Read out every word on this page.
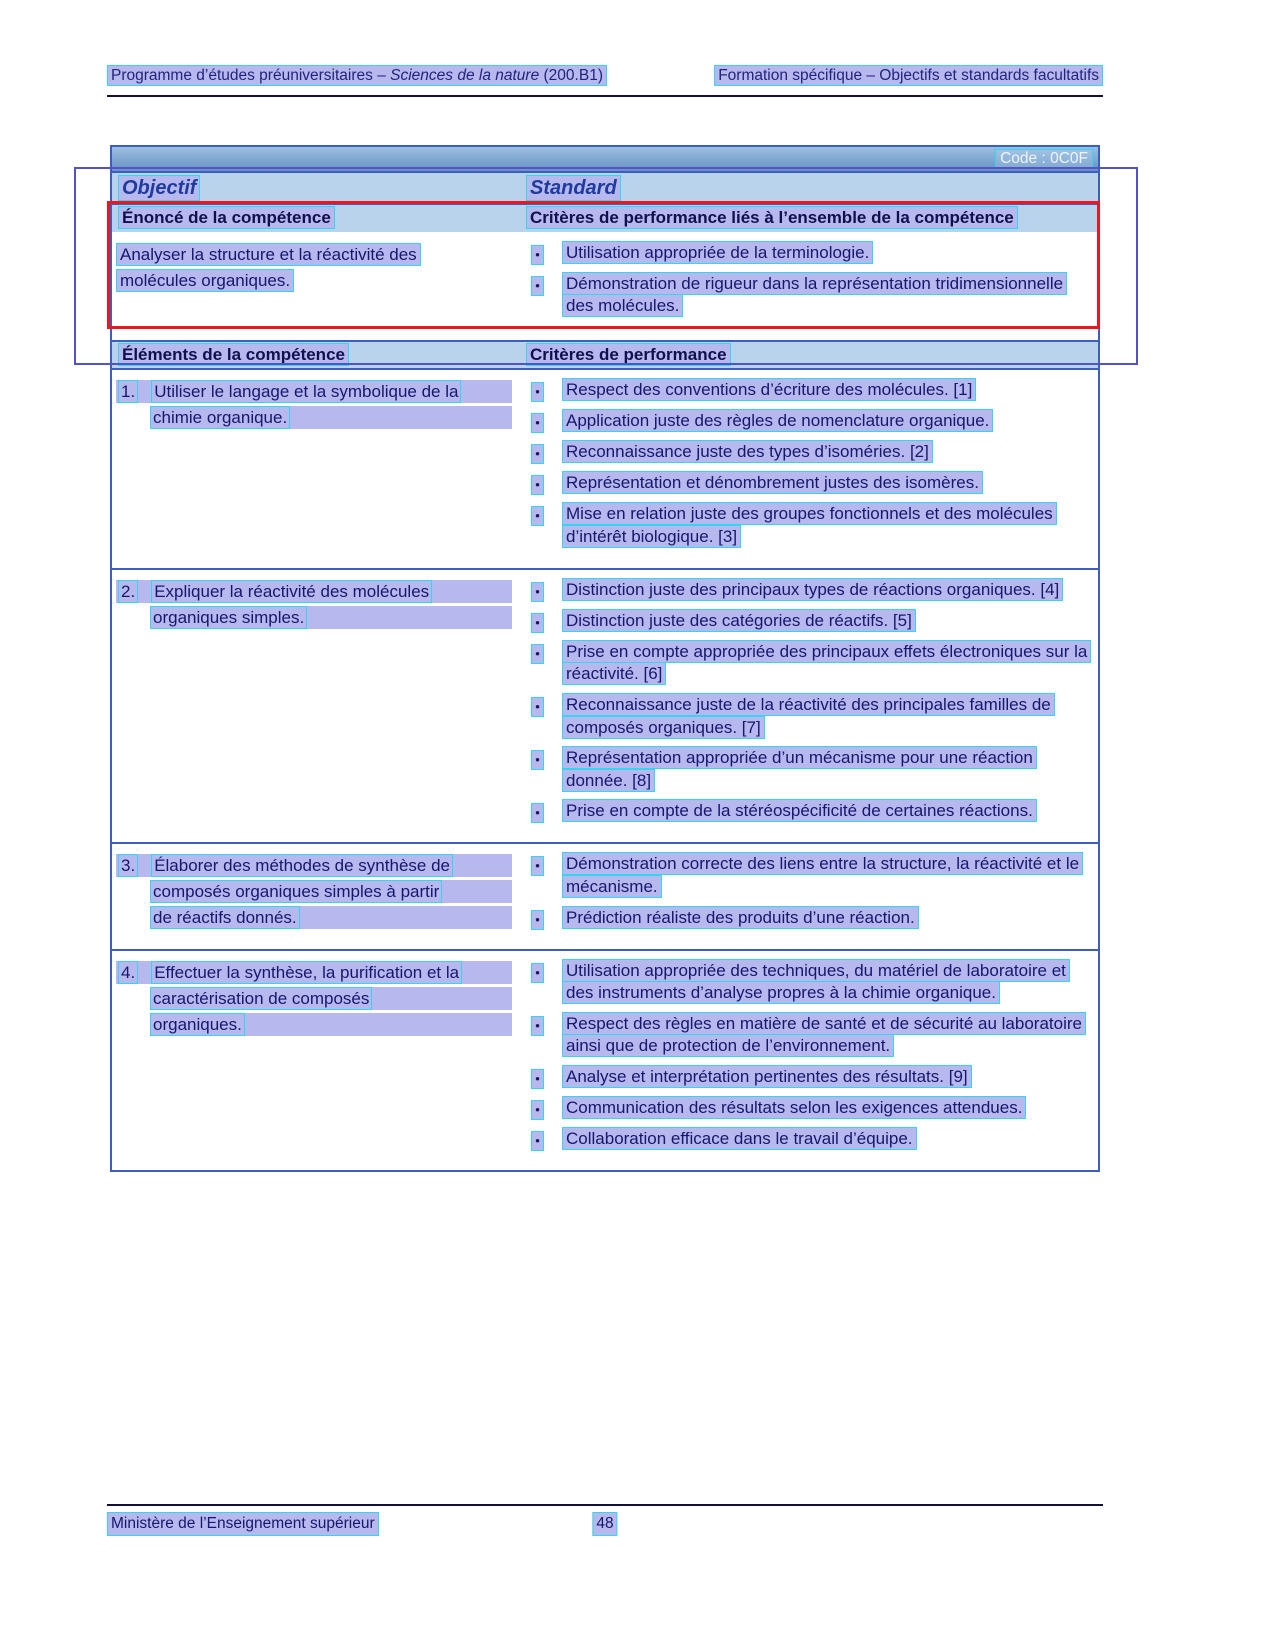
Programme d’études préuniversitaires – Sciences de la nature (200.B1)	Formation spécifique – Objectifs et standards facultatifs
Code : 0C0F
Objectif	Standard
Énoncé de la compétence	Critères de performance liés à l’ensemble de la compétence
Analyser la structure et la réactivité des
molécules organiques.
• Utilisation appropriée de la terminologie.
• Démonstration de rigueur dans la représentation tridimensionnelle des molécules.
Éléments de la compétence	Critères de performance
1. Utiliser le langage et la symbolique de la
chimie organique.
• Respect des conventions d’écriture des molécules. [1]
• Application juste des règles de nomenclature organique.
• Reconnaissance juste des types d’isoméries. [2]
• Représentation et dénombrement justes des isomères.
• Mise en relation juste des groupes fonctionnels et des molécules d’intérêt biologique. [3]
2. Expliquer la réactivité des molécules
organiques simples.
• Distinction juste des principaux types de réactions organiques. [4]
• Distinction juste des catégories de réactifs. [5]
• Prise en compte appropriée des principaux effets électroniques sur la réactivité. [6]
• Reconnaissance juste de la réactivité des principales familles de composés organiques. [7]
• Représentation appropriée d’un mécanisme pour une réaction donnée. [8]
• Prise en compte de la stéréospécificité de certaines réactions.
3. Élaborer des méthodes de synthèse de
composés organiques simples à partir
de réactifs donnés.
• Démonstration correcte des liens entre la structure, la réactivité et le mécanisme.
• Prédiction réaliste des produits d’une réaction.
4. Effectuer la synthèse, la purification et la
caractérisation de composés
organiques.
• Utilisation appropriée des techniques, du matériel de laboratoire et des instruments d’analyse propres à la chimie organique.
• Respect des règles en matière de santé et de sécurité au laboratoire ainsi que de protection de l’environnement.
• Analyse et interprétation pertinentes des résultats. [9]
• Communication des résultats selon les exigences attendues.
• Collaboration efficace dans le travail d’équipe.
Ministère de l’Enseignement supérieur	48
